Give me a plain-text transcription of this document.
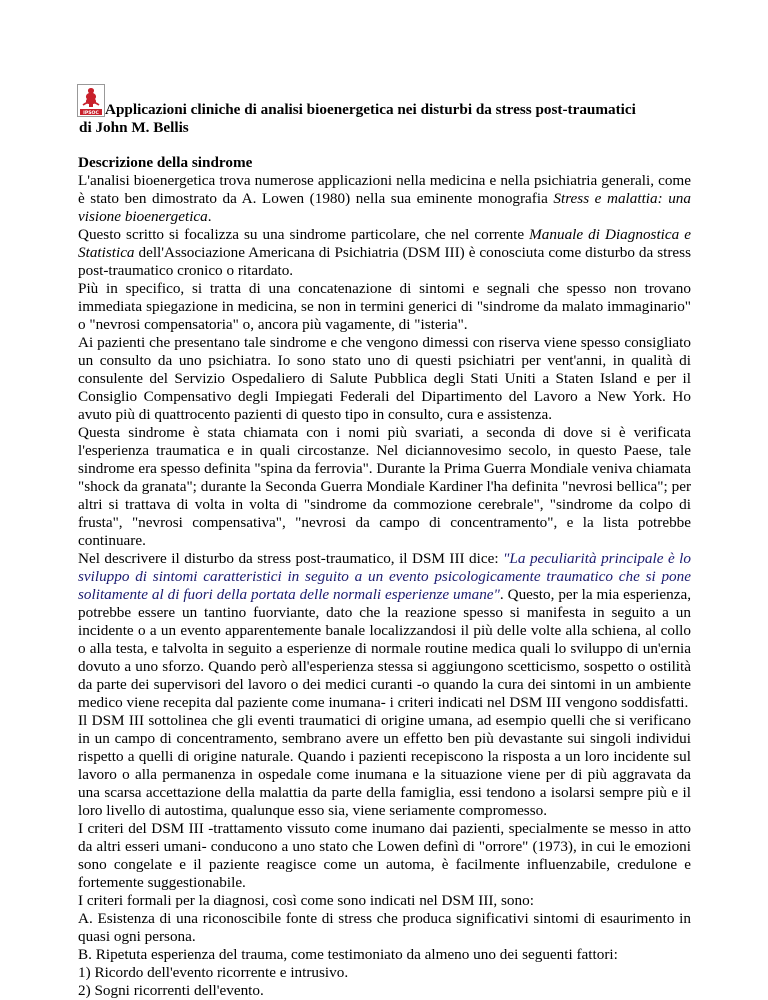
IPSOC Applicazioni cliniche di analisi bioenergetica nei disturbi da stress post-traumatici
di John M. Bellis

Descrizione della sindrome

L'analisi bioenergetica trova numerose applicazioni nella medicina e nella psichiatria generali, come è stato ben dimostrato da A. Lowen (1980) nella sua eminente monografia Stress e malattia: una visione bioenergetica.

Questo scritto si focalizza su una sindrome particolare, che nel corrente Manuale di Diagnostica e Statistica dell'Associazione Americana di Psichiatria (DSM III) è conosciuta come disturbo da stress post-traumatico cronico o ritardato.

Più in specifico, si tratta di una concatenazione di sintomi e segnali che spesso non trovano immediata spiegazione in medicina, se non in termini generici di "sindrome da malato immaginario" o "nevrosi compensatoria" o, ancora più vagamente, di "isteria".

Ai pazienti che presentano tale sindrome e che vengono dimessi con riserva viene spesso consigliato un consulto da uno psichiatra. Io sono stato uno di questi psichiatri per vent'anni, in qualità di consulente del Servizio Ospedaliero di Salute Pubblica degli Stati Uniti a Staten Island e per il Consiglio Compensativo degli Impiegati Federali del Dipartimento del Lavoro a New York. Ho avuto più di quattrocento pazienti di questo tipo in consulto, cura e assistenza.

Questa sindrome è stata chiamata con i nomi più svariati, a seconda di dove si è verificata l'esperienza traumatica e in quali circostanze. Nel diciannovesimo secolo, in questo Paese, tale sindrome era spesso definita "spina da ferrovia". Durante la Prima Guerra Mondiale veniva chiamata "shock da granata"; durante la Seconda Guerra Mondiale Kardiner l'ha definita "nevrosi bellica"; per altri si trattava di volta in volta di "sindrome da commozione cerebrale", "sindrome da colpo di frusta", "nevrosi compensativa", "nevrosi da campo di concentramento", e la lista potrebbe continuare.

Nel descrivere il disturbo da stress post-traumatico, il DSM III dice: "La peculiarità principale è lo sviluppo di sintomi caratteristici in seguito a un evento psicologicamente traumatico che si pone solitamente al di fuori della portata delle normali esperienze umane". Questo, per la mia esperienza, potrebbe essere un tantino fuorviante, dato che la reazione spesso si manifesta in seguito a un incidente o a un evento apparentemente banale localizzandosi il più delle volte alla schiena, al collo o alla testa, e talvolta in seguito a esperienze di normale routine medica quali lo sviluppo di un'ernia dovuto a uno sforzo. Quando però all'esperienza stessa si aggiungono scetticismo, sospetto o ostilità da parte dei supervisori del lavoro o dei medici curanti -o quando la cura dei sintomi in un ambiente medico viene recepita dal paziente come inumana- i criteri indicati nel DSM III vengono soddisfatti.

Il DSM III sottolinea che gli eventi traumatici di origine umana, ad esempio quelli che si verificano in un campo di concentramento, sembrano avere un effetto ben più devastante sui singoli individui rispetto a quelli di origine naturale. Quando i pazienti recepiscono la risposta a un loro incidente sul lavoro o alla permanenza in ospedale come inumana e la situazione viene per di più aggravata da una scarsa accettazione della malattia da parte della famiglia, essi tendono a isolarsi sempre più e il loro livello di autostima, qualunque esso sia, viene seriamente compromesso.

I criteri del DSM III -trattamento vissuto come inumano dai pazienti, specialmente se messo in atto da altri esseri umani- conducono a uno stato che Lowen definì di "orrore" (1973), in cui le emozioni sono congelate e il paziente reagisce come un automa, è facilmente influenzabile, credulone e fortemente suggestionabile.

I criteri formali per la diagnosi, così come sono indicati nel DSM III, sono:

A. Esistenza di una riconoscibile fonte di stress che produca significativi sintomi di esaurimento in quasi ogni persona.

B. Ripetuta esperienza del trauma, come testimoniato da almeno uno dei seguenti fattori:

1) Ricordo dell'evento ricorrente e intrusivo.

2) Sogni ricorrenti dell'evento.
